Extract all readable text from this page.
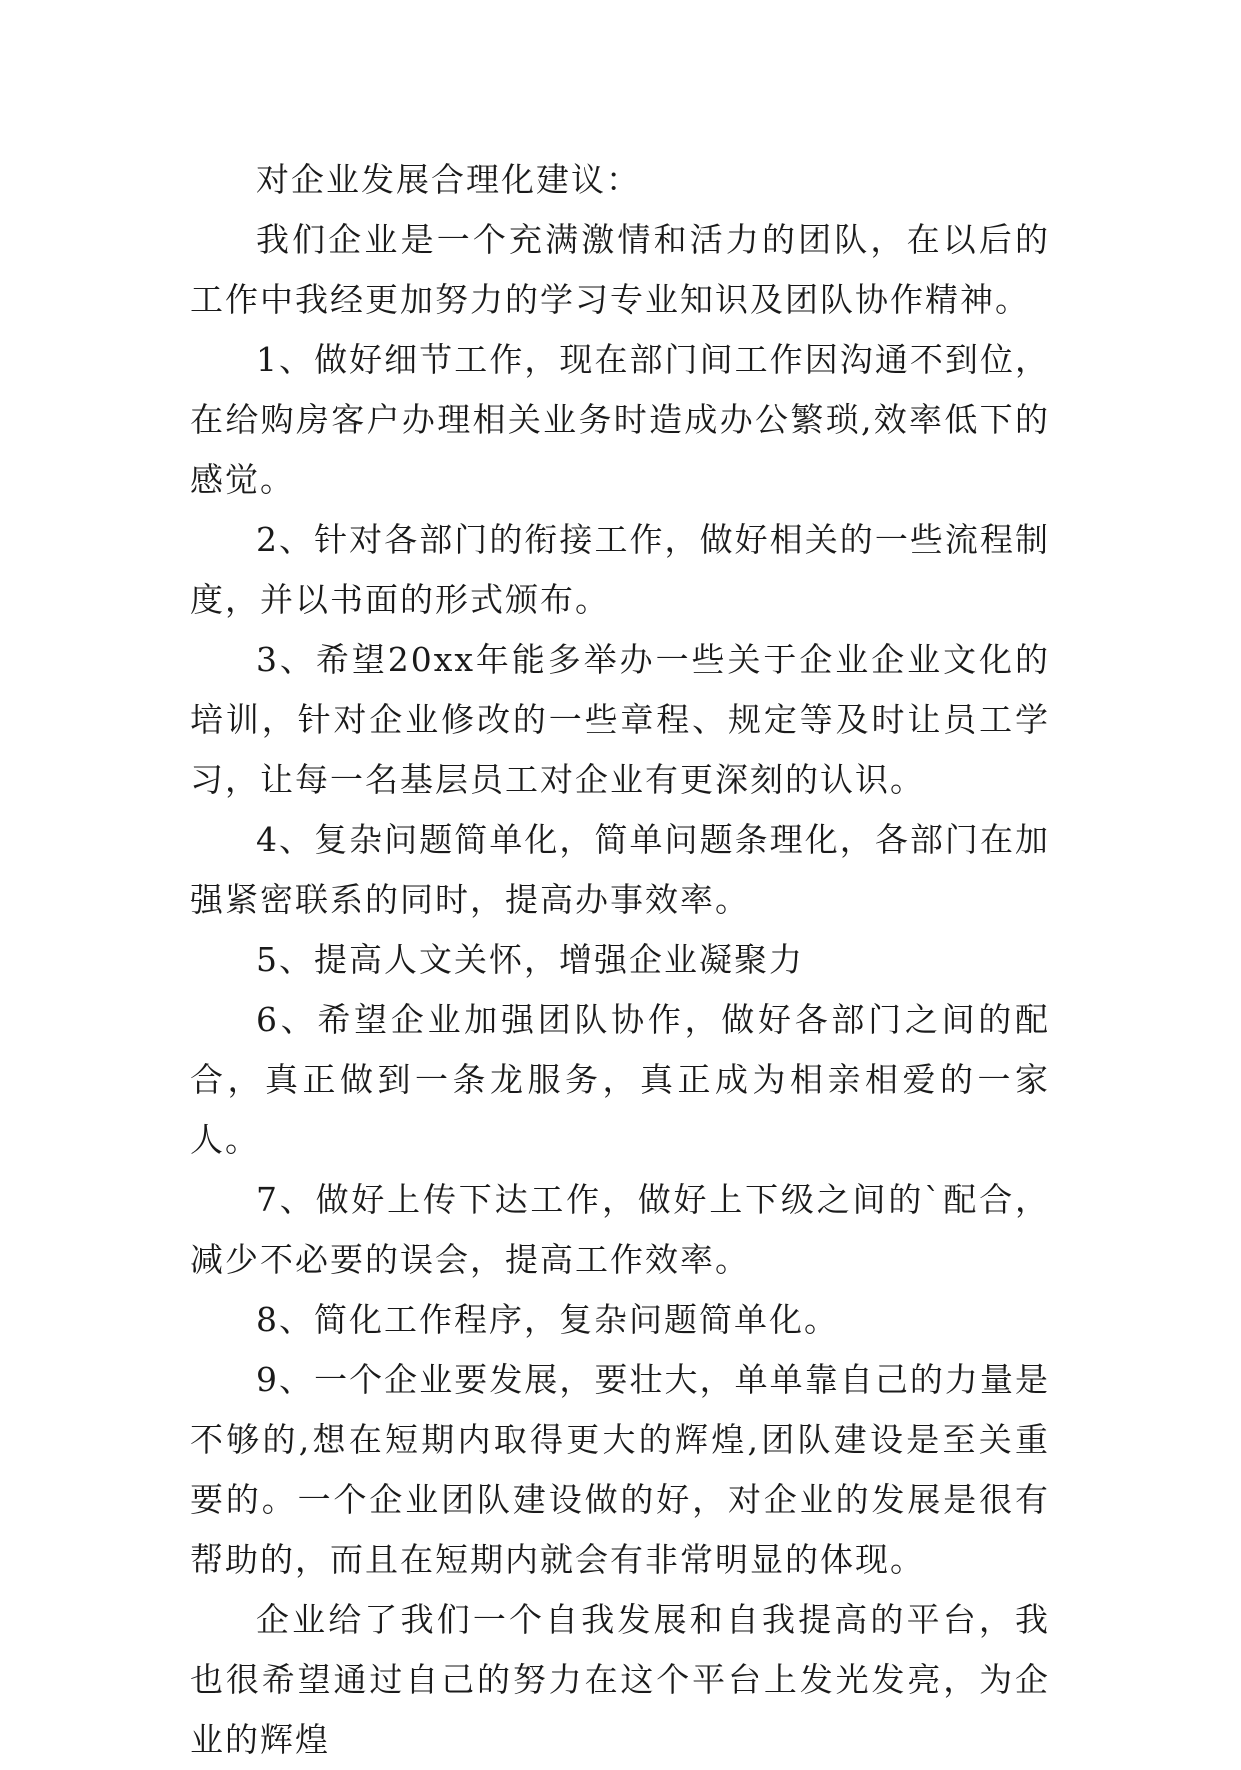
对企业发展合理化建议：

我们企业是一个充满激情和活力的团队，在以后的工作中我经更加努力的学习专业知识及团队协作精神。

1、做好细节工作，现在部门间工作因沟通不到位，在给购房客户办理相关业务时造成办公繁琐,效率低下的感觉。

2、针对各部门的衔接工作，做好相关的一些流程制度，并以书面的形式颁布。

3、希望20xx年能多举办一些关于企业企业文化的培训，针对企业修改的一些章程、规定等及时让员工学习，让每一名基层员工对企业有更深刻的认识。

4、复杂问题简单化，简单问题条理化，各部门在加强紧密联系的同时，提高办事效率。

5、提高人文关怀，增强企业凝聚力

6、希望企业加强团队协作，做好各部门之间的配合，真正做到一条龙服务，真正成为相亲相爱的一家人。

7、做好上传下达工作，做好上下级之间的`配合，减少不必要的误会，提高工作效率。

8、简化工作程序，复杂问题简单化。

9、一个企业要发展，要壮大，单单靠自己的力量是不够的,想在短期内取得更大的辉煌,团队建设是至关重要的。一个企业团队建设做的好，对企业的发展是很有帮助的，而且在短期内就会有非常明显的体现。

企业给了我们一个自我发展和自我提高的平台，我也很希望通过自己的努力在这个平台上发光发亮，为企业的辉煌
